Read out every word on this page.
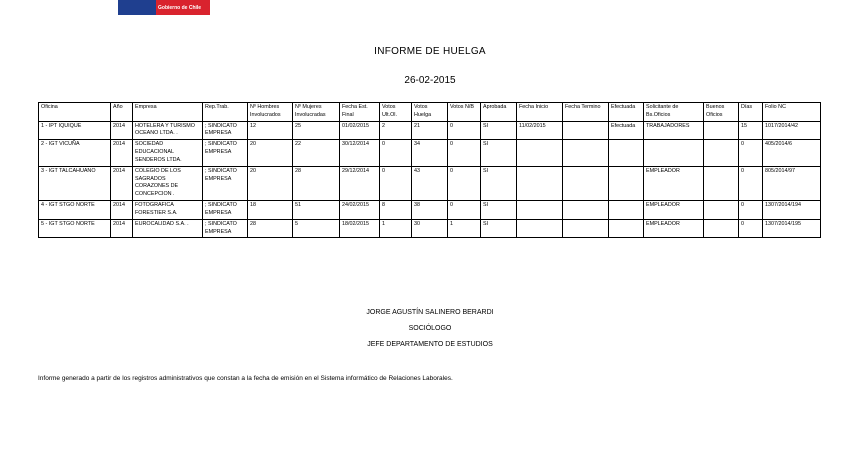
Gobierno de Chile
INFORME DE HUELGA
26-02-2015
Oficina	Año	Empresa	Rep.Trab.	Nº Hombres Involucrados	Nº Mujeres Involucradas	Fecha Est. Final	Votos Ult.Ol.	Votos Huelga	Votos N/B	Aprobada	Fecha Inicio	Fecha Termino	Efectuada	Solicitante de Bs.Oficios	Buenos Oficios	Días	Folio NC
1 - IPT IQUIQUE	2014	HOTELERA Y TURISMO OCEANO LTDA. .	; SINDICATO EMPRESA	12	25	01/02/2015	2	21	0	SI	11/02/2015		Efectuada	TRABAJADORES		15	1017/2014/42
2 - IGT VICUÑA	2014	SOCIEDAD EDUCACIONAL SENDEROS LTDA.	; SINDICATO EMPRESA	20	22	30/12/2014	0	34	0	SI						0	405/2014/6
3 - IGT TALCAHUANO	2014	COLEGIO DE LOS SAGRADOS CORAZONES DE CONCEPCION .	; SINDICATO EMPRESA	20	28	29/12/2014	0	43	0	SI				EMPLEADOR		0	805/2014/97
4 - IGT STGO NORTE	2014	FOTOGRAFICA FORESTIER S.A.	; SINDICATO EMPRESA	18	51	24/02/2015	8	38	0	SI				EMPLEADOR		0	1307/2014/194
5 - IGT STGO NORTE	2014	EUROCALIDAD S.A. .	; SINDICATO EMPRESA	28	5	18/02/2015	1	30	1	SI				EMPLEADOR		0	1307/2014/195
JORGE AGUSTÍN SALINERO BERARDI
SOCIÓLOGO
JEFE DEPARTAMENTO DE ESTUDIOS
Informe generado a partir de los registros administrativos que constan a la fecha de emisión en el Sistema informático de Relaciones Laborales.
